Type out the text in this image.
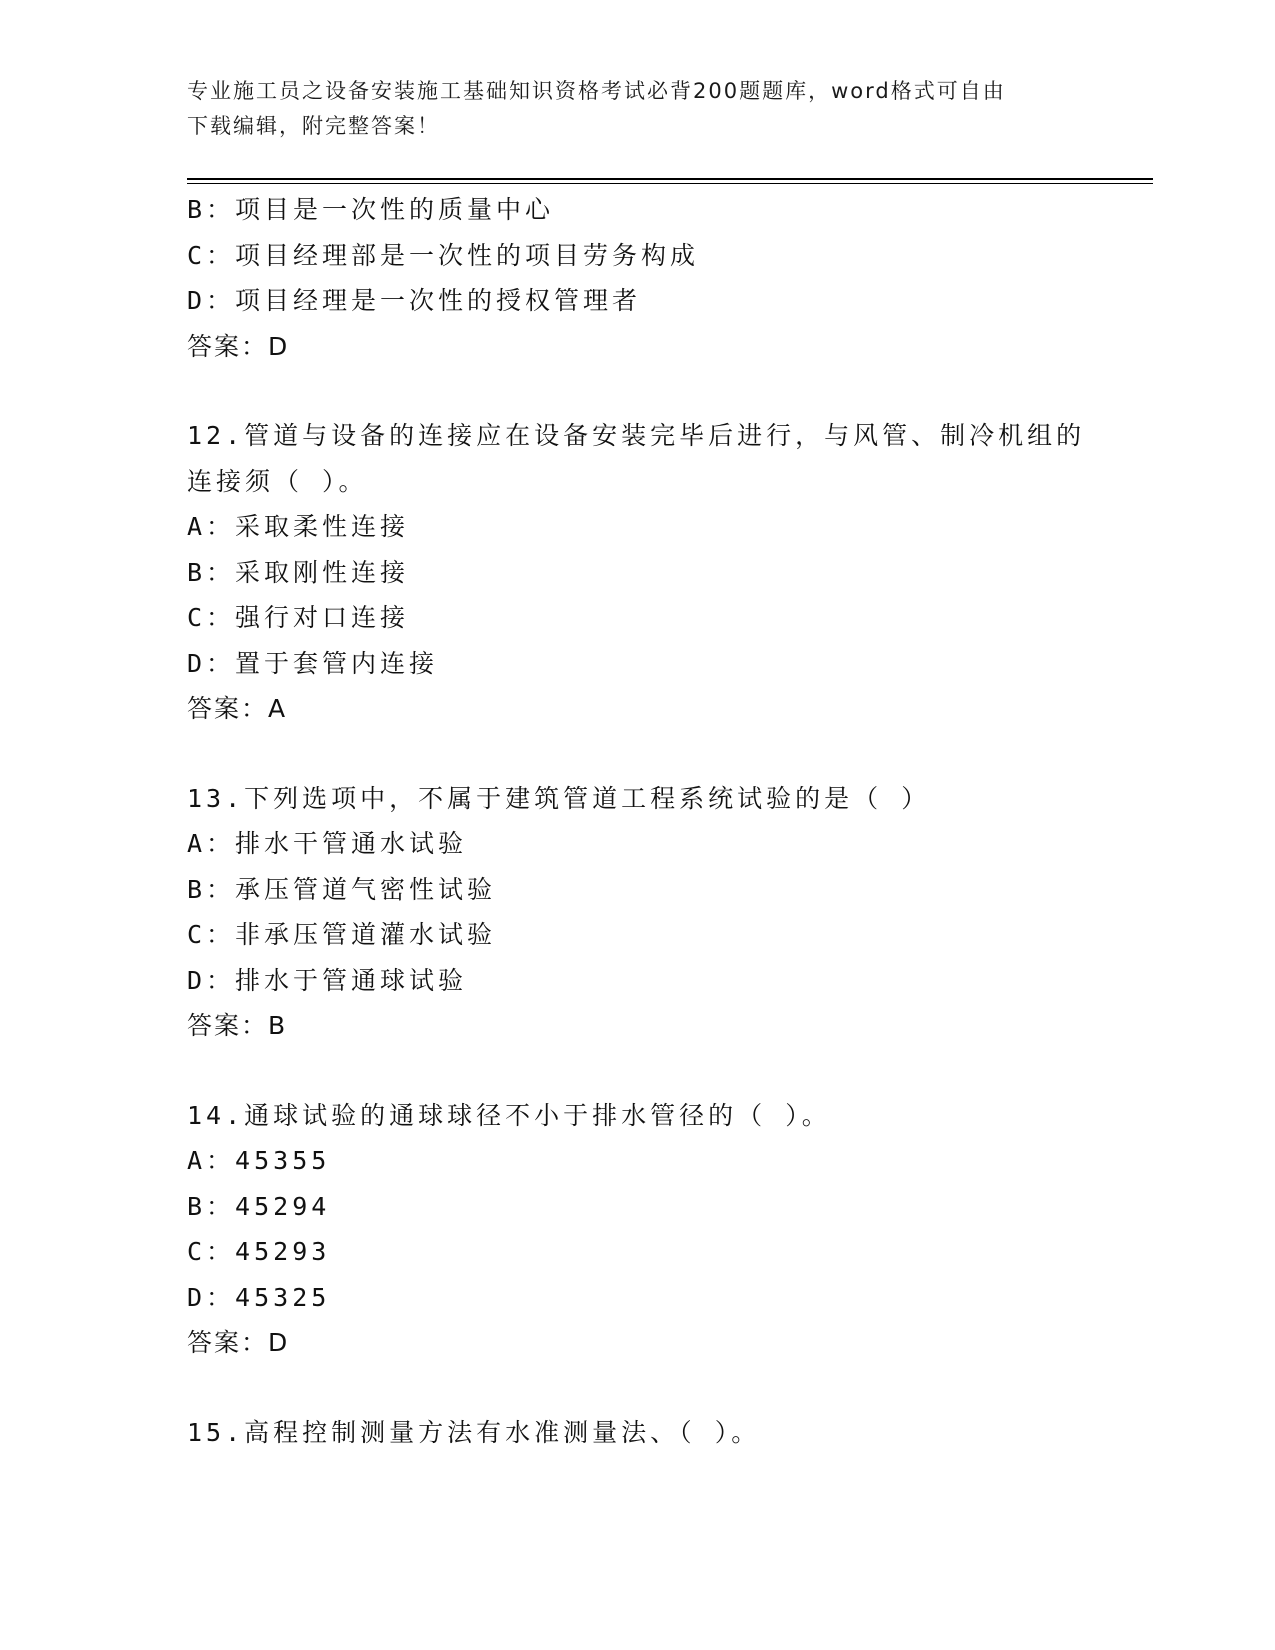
专业施工员之设备安装施工基础知识资格考试必背200题题库，word格式可自由
下载编辑，附完整答案！
B：项目是一次性的质量中心
C：项目经理部是一次性的项目劳务构成
D：项目经理是一次性的授权管理者
答案：D
12.管道与设备的连接应在设备安装完毕后进行，与风管、制冷机组的
连接须（ ）。
A：采取柔性连接
B：采取刚性连接
C：强行对口连接
D：置于套管内连接
答案：A
13.下列选项中，不属于建筑管道工程系统试验的是（ ）
A：排水干管通水试验
B：承压管道气密性试验
C：非承压管道灌水试验
D：排水于管通球试验
答案：B
14.通球试验的通球球径不小于排水管径的（ ）。
A：45355
B：45294
C：45293
D：45325
答案：D
15.高程控制测量方法有水准测量法、（ ）。
